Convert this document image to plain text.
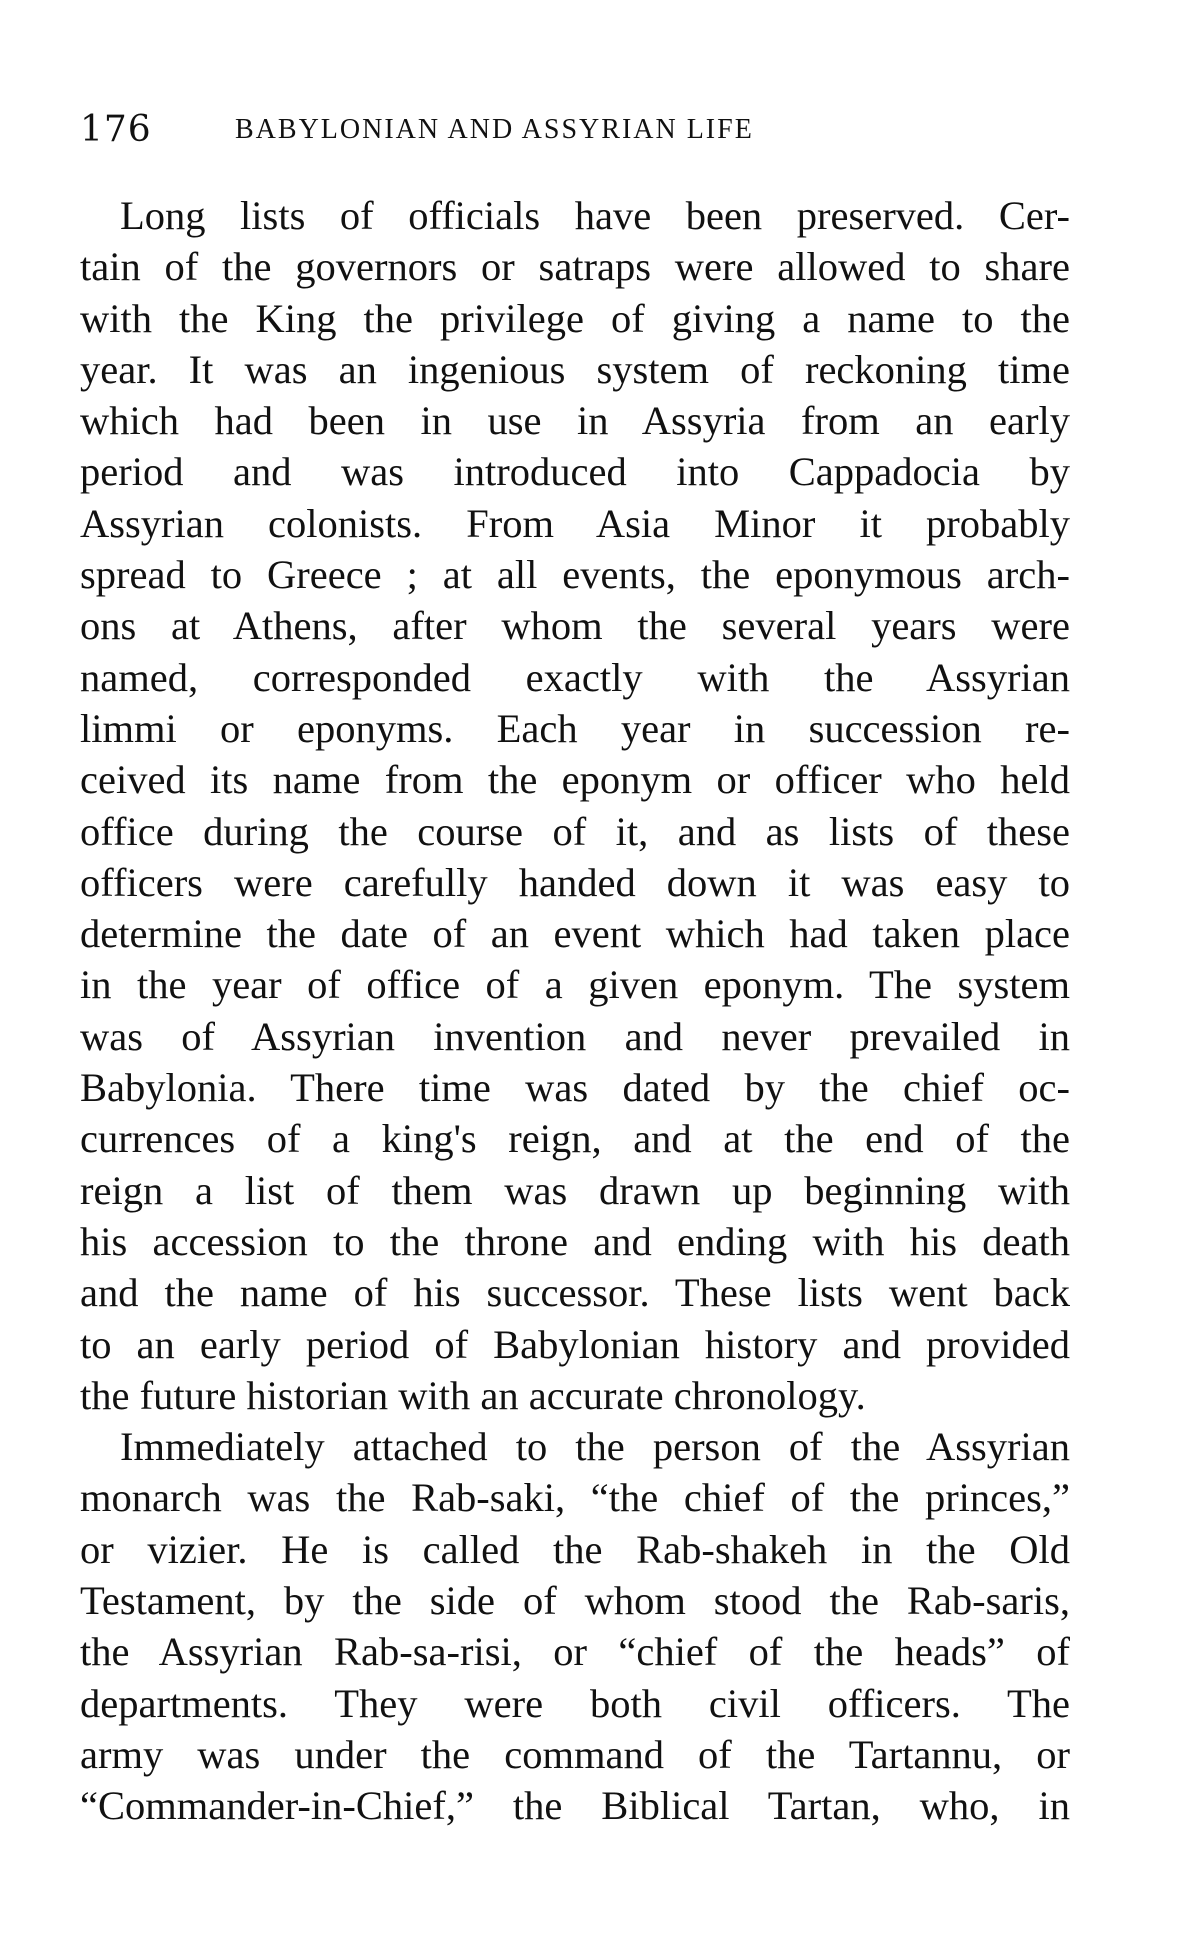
176	BABYLONIAN AND ASSYRIAN LIFE
Long lists of officials have been preserved. Cer-
tain of the governors or satraps were allowed to share
with the King the privilege of giving a name to the
year. It was an ingenious system of reckoning time
which had been in use in Assyria from an early
period and was introduced into Cappadocia by
Assyrian colonists. From Asia Minor it probably
spread to Greece ; at all events, the eponymous arch-
ons at Athens, after whom the several years were
named, corresponded exactly with the Assyrian
limmi or eponyms. Each year in succession re-
ceived its name from the eponym or officer who held
office during the course of it, and as lists of these
officers were carefully handed down it was easy to
determine the date of an event which had taken place
in the year of office of a given eponym. The system
was of Assyrian invention and never prevailed in
Babylonia. There time was dated by the chief oc-
currences of a king's reign, and at the end of the
reign a list of them was drawn up beginning with
his accession to the throne and ending with his death
and the name of his successor. These lists went back
to an early period of Babylonian history and provided
the future historian with an accurate chronology.
Immediately attached to the person of the Assyrian
monarch was the Rab-saki, “the chief of the princes,”
or vizier. He is called the Rab-shakeh in the Old
Testament, by the side of whom stood the Rab-saris,
the Assyrian Rab-sa-risi, or “chief of the heads” of
departments. They were both civil officers. The
army was under the command of the Tartannu, or
“Commander-in-Chief,” the Biblical Tartan, who, in
